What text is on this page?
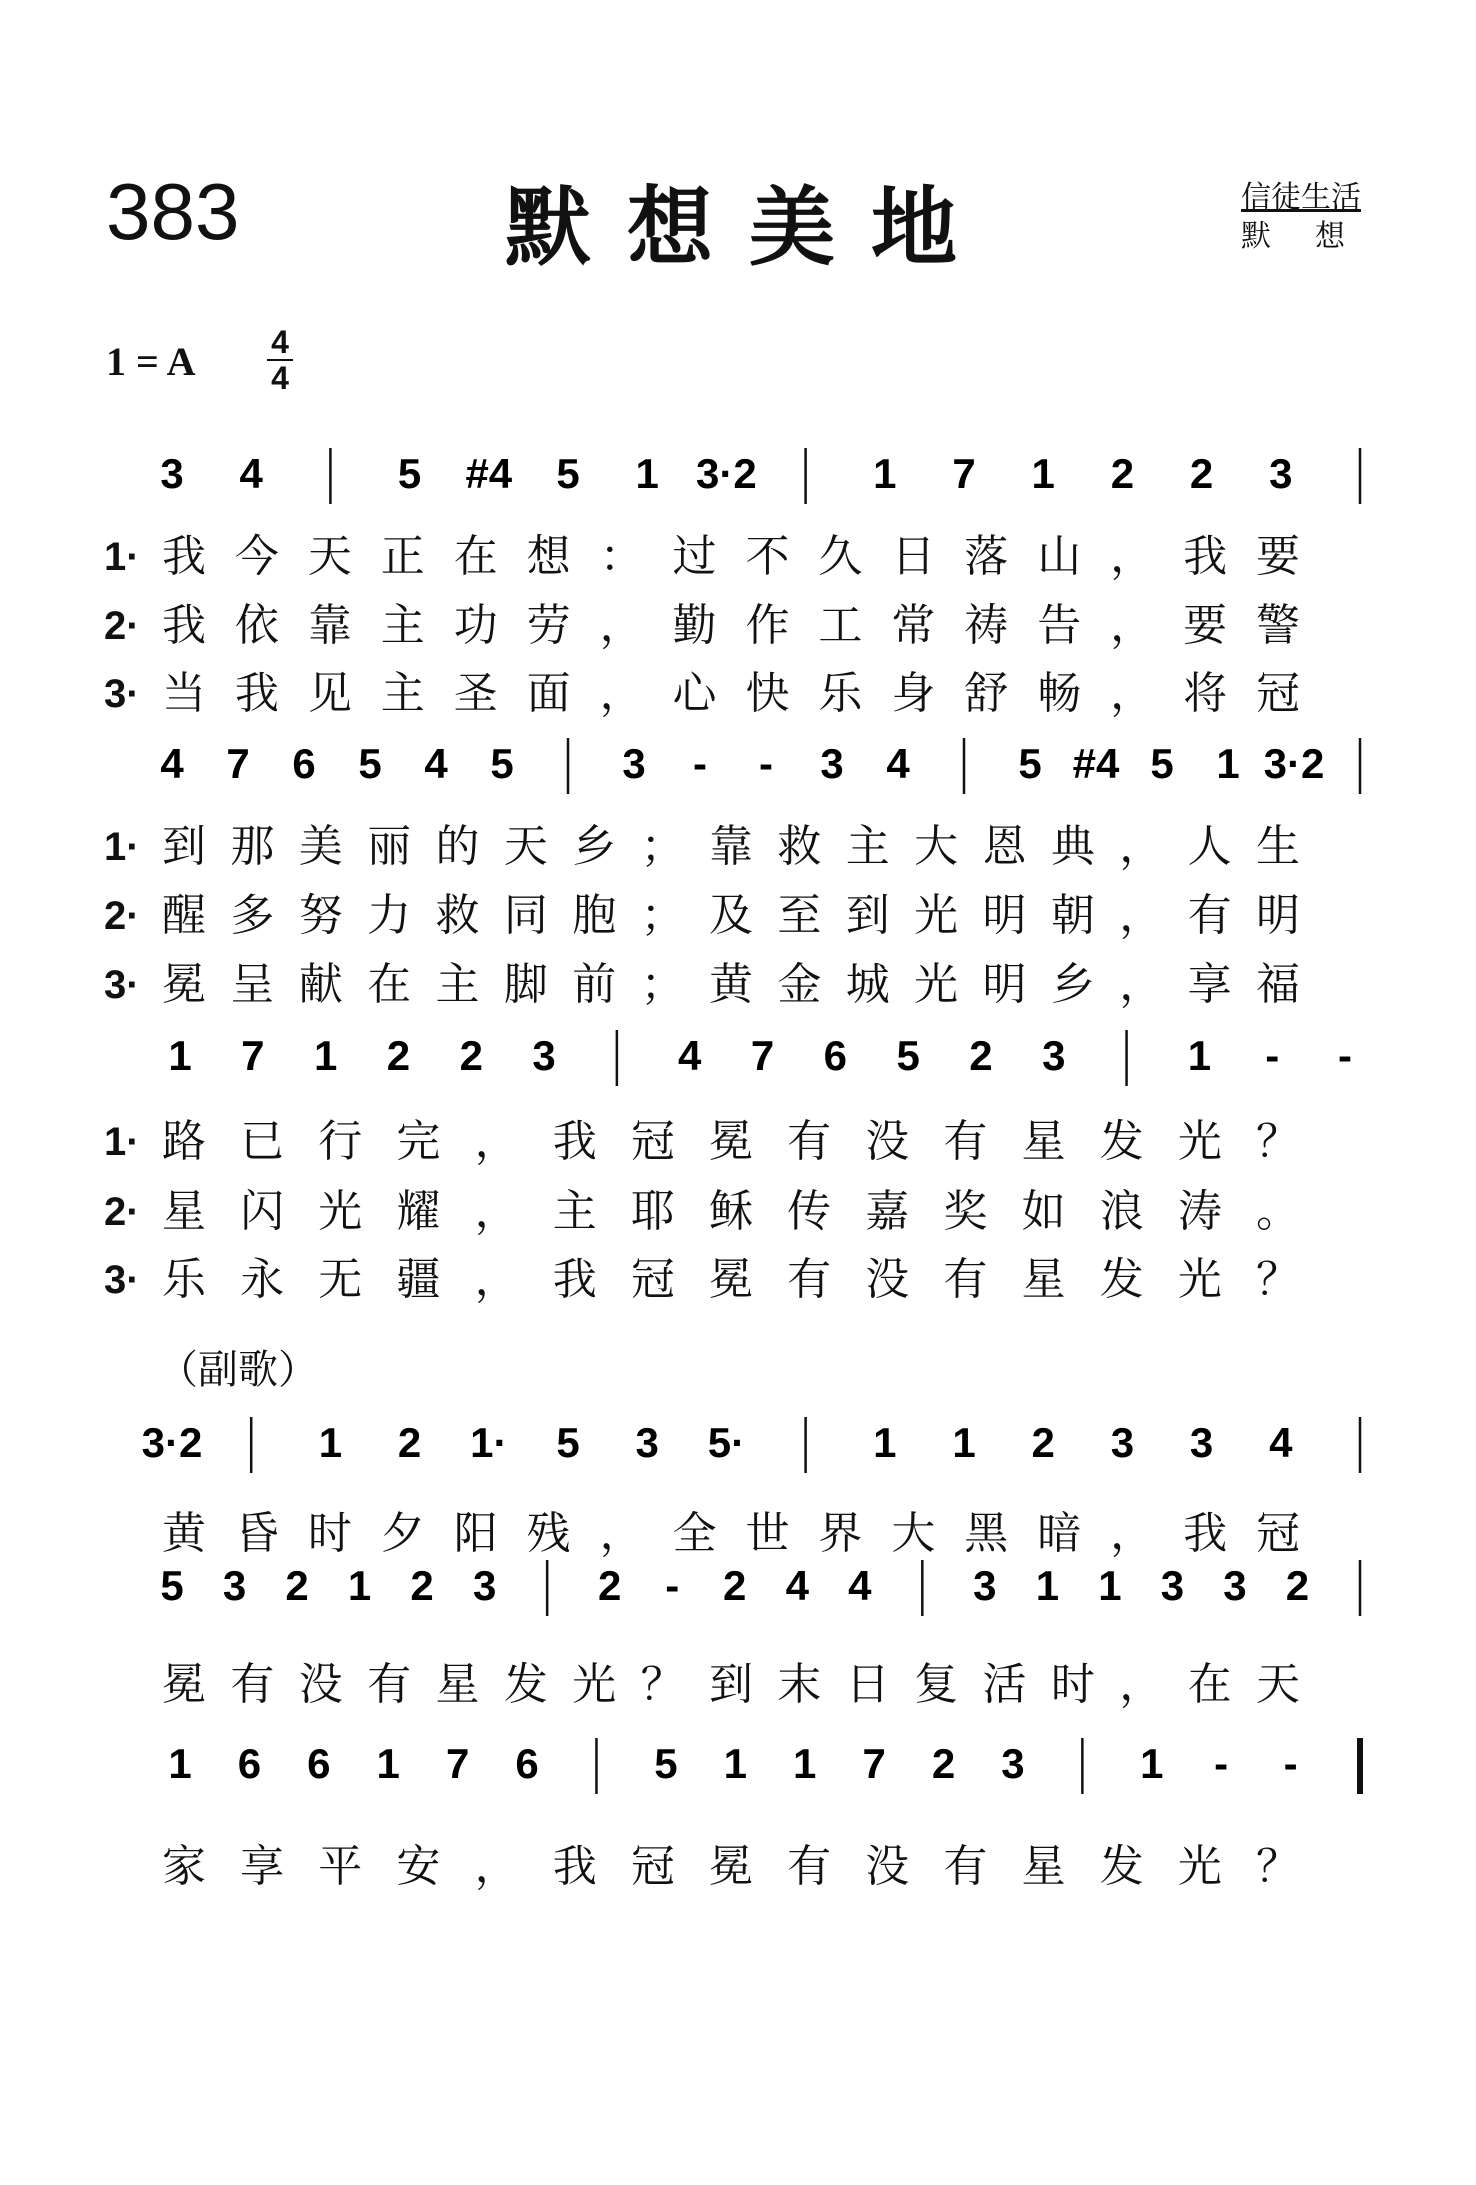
383	默想美地	信徒生活
默想
1 = A $\frac{4}{4}$
（副歌）
3 4	5 #4 5 1 3·2	1 7 1 2 2 3
4 7 6 5 4 5	3 - - 3 4	5 #4 5 1 3·2
1 7 1 2 2 3	4 7 6 5 2 3	1 - -
3·2	1 2 1· 5 3 5·	1 1 2 3 3 4
5 3 2 1 2 3 2 - 2 4 4 3 1 1 3 3 2
1 6 6 1 7 6	5 1 1 7 2 3	1 - -
1· 我今天正在想：过不久日落山，我要
2· 我依靠主功劳，勤作工常祷告，要警
3· 当我见主圣面，心快乐身舒畅，将冠
1· 到那美丽的天乡；靠救主大恩典，人生
2· 醒多努力救同胞；及至到光明朝，有明
3· 冕呈献在主脚前；黄金城光明乡，享福
1· 路已行完，我冠冕有没有星发光？
2· 星闪光耀，主耶稣传嘉奖如浪涛。
3· 乐永无疆，我冠冕有没有星发光？
黄昏时夕阳残，全世界大黑暗，我冠
冕有没有星发光？到末日复活时，在天
家享平安，我冠冕有没有星发光？
